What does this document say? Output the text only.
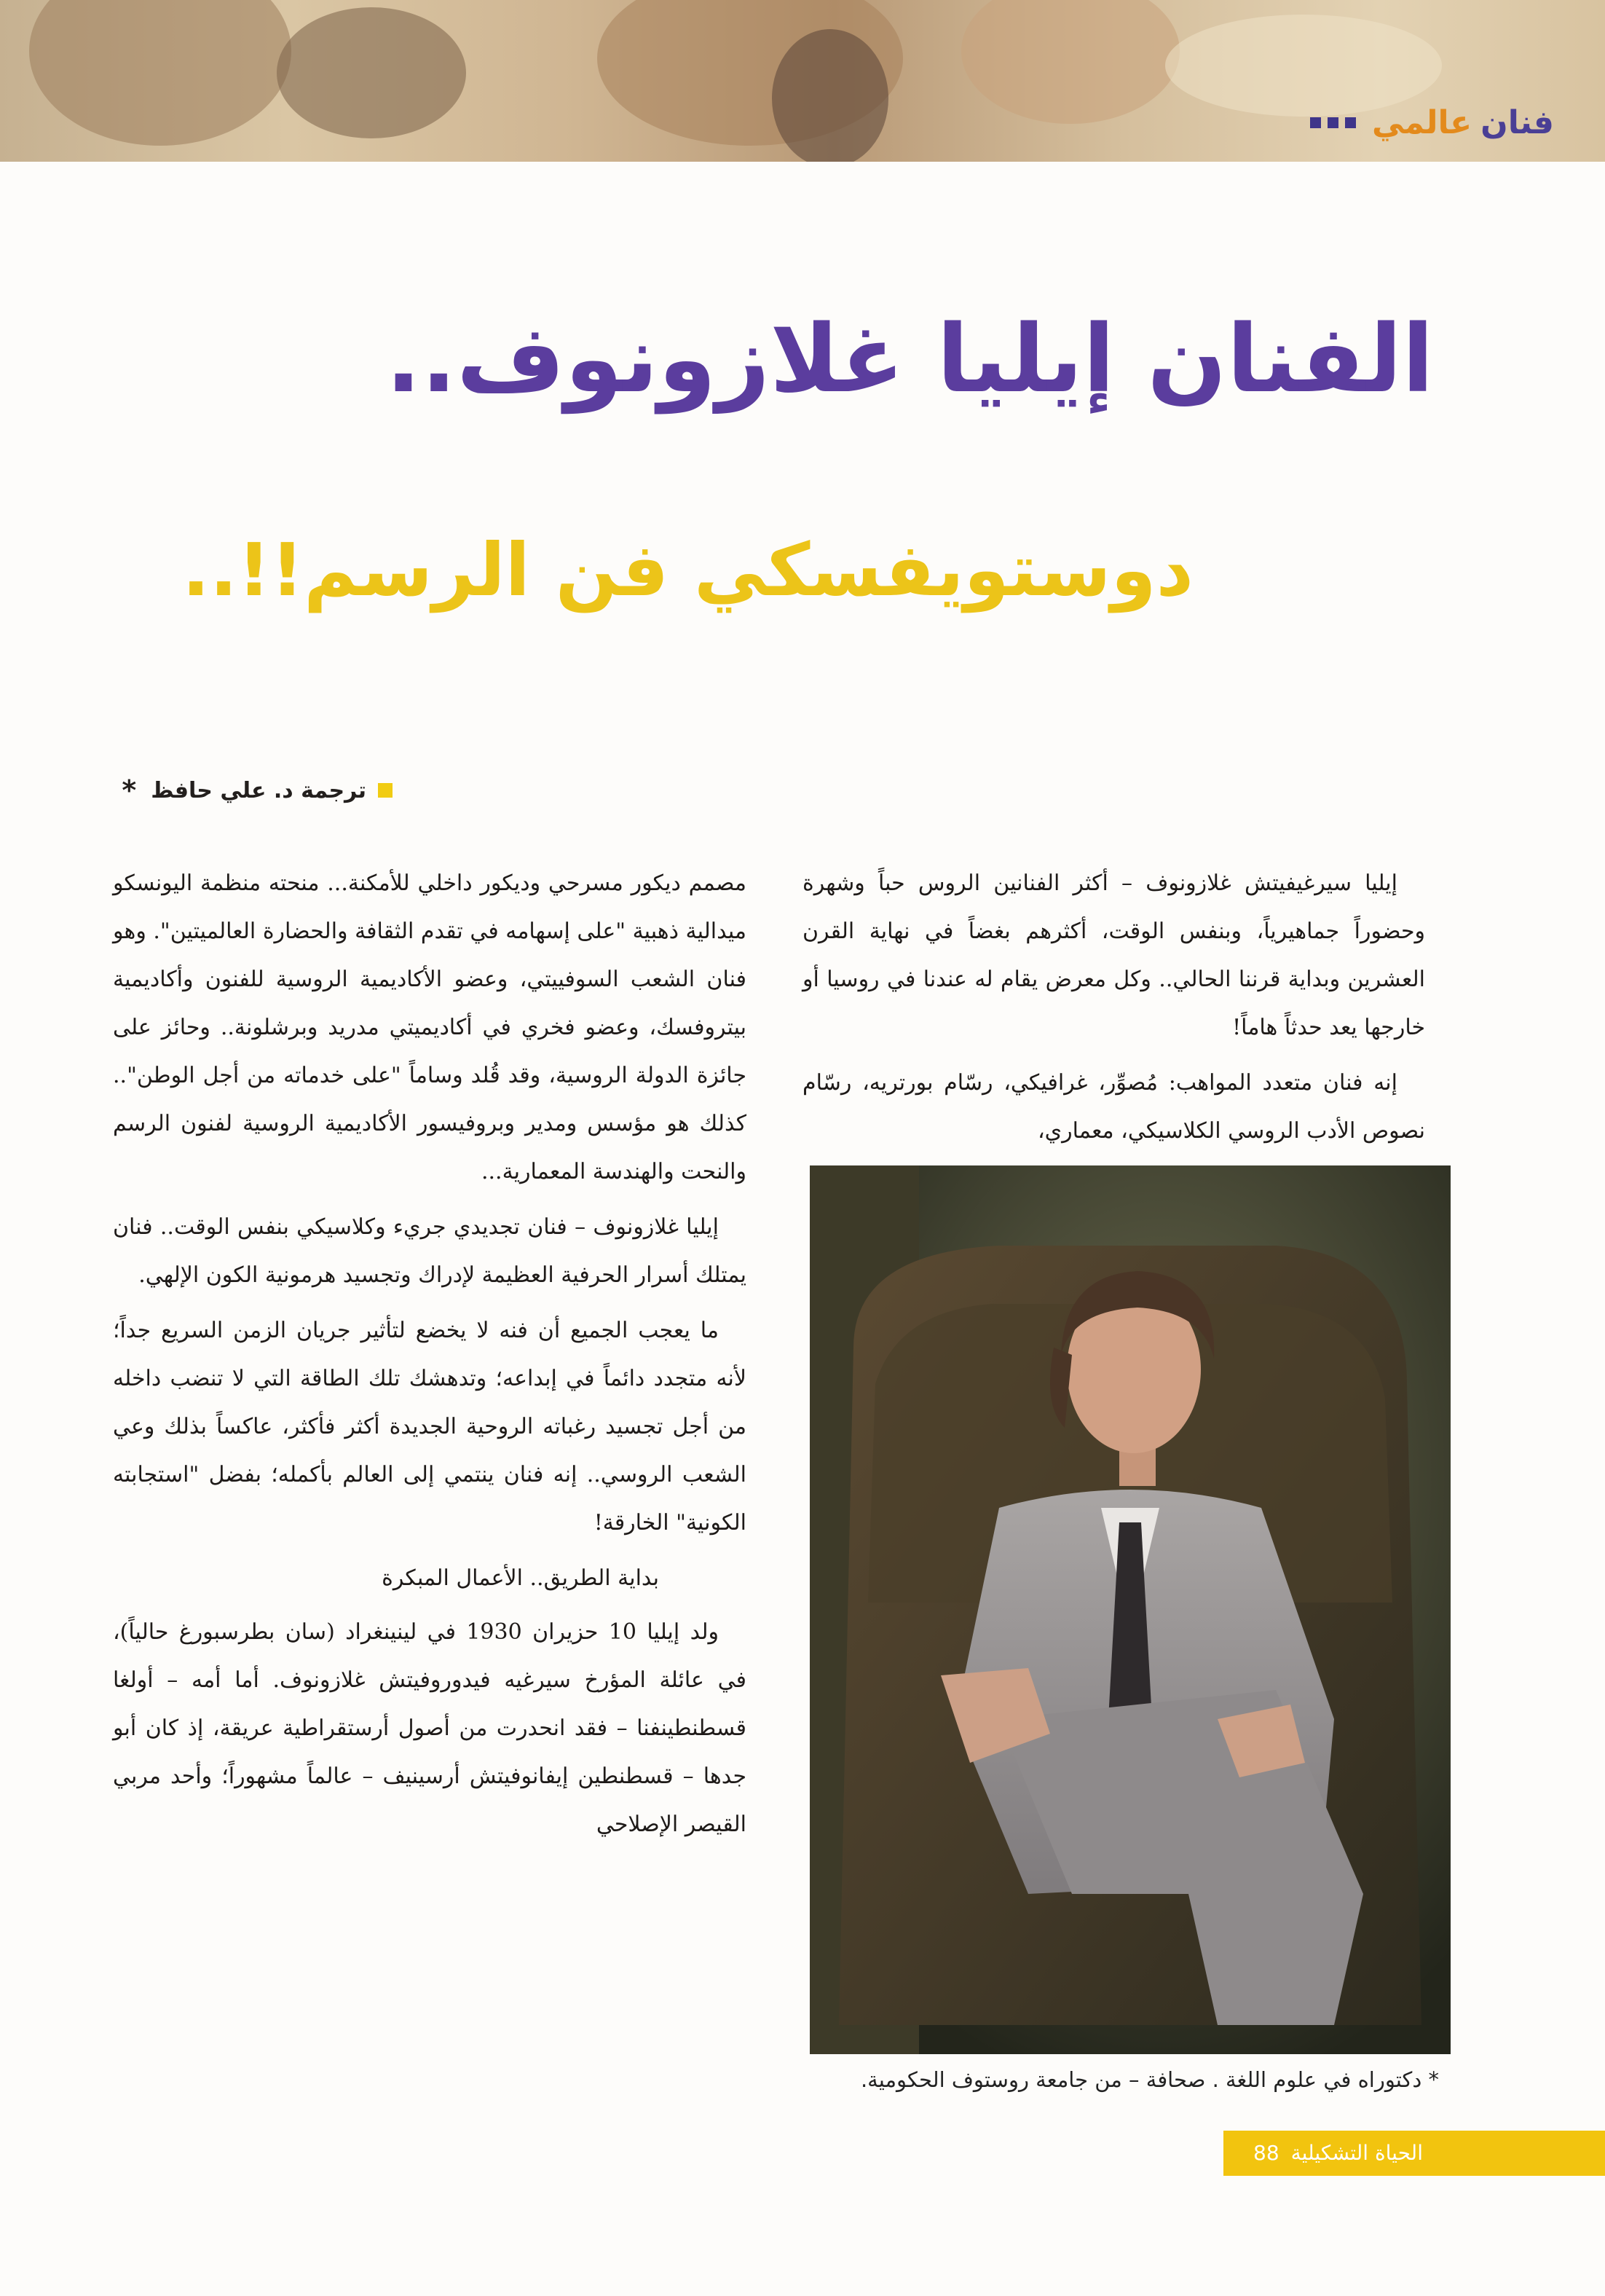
فنان
عالمي
الفنان إيليا غلازونوف..
دوستويفسكي فن الرسم!!..
ترجمة د. علي حافظ
*

إيليا سيرغيفيتش غلازونوف – أكثر الفنانين الروس حباً وشهرة وحضوراً جماهيرياً، وبنفس الوقت، أكثرهم بغضاً في نهاية القرن العشرين وبداية قرننا الحالي.. وكل معرض يقام له عندنا في روسيا أو خارجها يعد حدثاً هاماً!

إنه فنان متعدد المواهب: مُصوِّر، غرافيكي، رسّام بورتريه، رسّام نصوص الأدب الروسي الكلاسيكي، معماري،

مصمم ديكور مسرحي وديكور داخلي للأمكنة... منحته منظمة اليونسكو ميدالية ذهبية "على إسهامه في تقدم الثقافة والحضارة العالميتين". وهو فنان الشعب السوفييتي، وعضو الأكاديمية الروسية للفنون وأكاديمية بيتروفسك، وعضو فخري في أكاديميتي مدريد وبرشلونة.. وحائز على جائزة الدولة الروسية، وقد قُلد وساماً "على خدماته من أجل الوطن".. كذلك هو مؤسس ومدير وبروفيسور الأكاديمية الروسية لفنون الرسم والنحت والهندسة المعمارية...

إيليا غلازونوف – فنان تجديدي جريء وكلاسيكي بنفس الوقت.. فنان يمتلك أسرار الحرفية العظيمة لإدراك وتجسيد هرمونية الكون الإلهي.

ما يعجب الجميع أن فنه لا يخضع لتأثير جريان الزمن السريع جداً؛ لأنه متجدد دائماً في إبداعه؛ وتدهشك تلك الطاقة التي لا تنضب داخله من أجل تجسيد رغباته الروحية الجديدة أكثر فأكثر، عاكساً بذلك وعي الشعب الروسي.. إنه فنان ينتمي إلى العالم بأكمله؛ بفضل "استجابته الكونية" الخارقة!

بداية الطريق.. الأعمال المبكرة

ولد إيليا 10 حزيران 1930 في لينينغراد (سان بطرسبورغ حالياً)، في عائلة المؤرخ سيرغيه فيدوروفيتش غلازونوف. أما أمه – أولغا قسطنطينفنا – فقد انحدرت من أصول أرستقراطية عريقة، إذ كان أبو جدها – قسطنطين إيفانوفيتش أرسينيف – عالماً مشهوراً؛ وأحد مربي القيصر الإصلاحي

* دكتوراه في علوم اللغة . صحافة – من جامعة روستوف الحكومية.

الحياة التشكيلية
88
